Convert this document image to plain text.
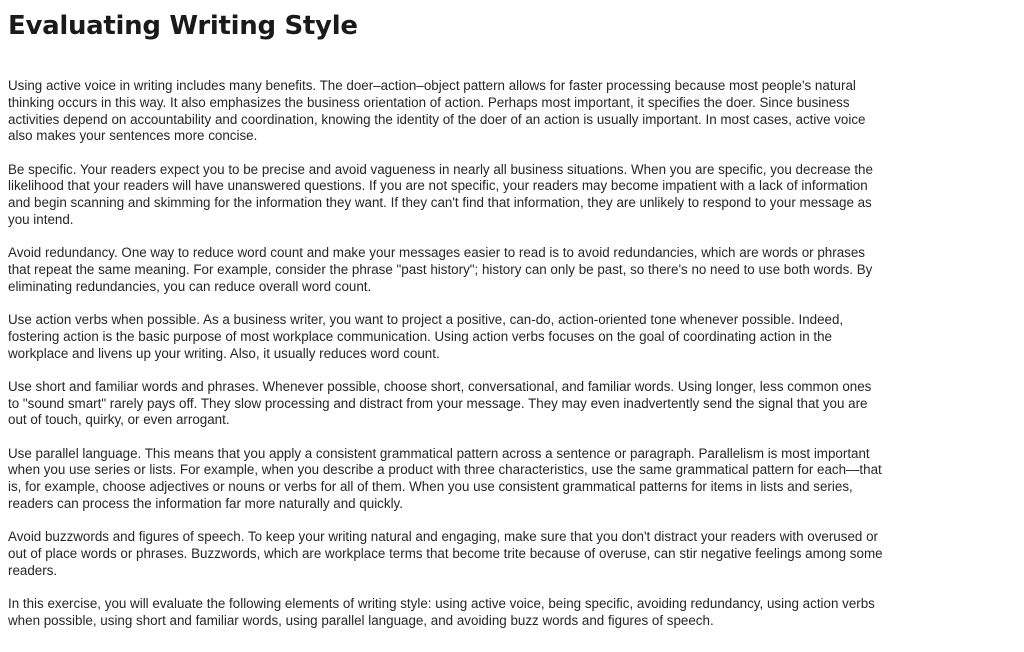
Evaluating Writing Style

Using active voice in writing includes many benefits. The doer–action–object pattern allows for faster processing because most people's natural thinking occurs in this way. It also emphasizes the business orientation of action. Perhaps most important, it specifies the doer. Since business activities depend on accountability and coordination, knowing the identity of the doer of an action is usually important. In most cases, active voice also makes your sentences more concise.

Be specific. Your readers expect you to be precise and avoid vagueness in nearly all business situations. When you are specific, you decrease the likelihood that your readers will have unanswered questions. If you are not specific, your readers may become impatient with a lack of information and begin scanning and skimming for the information they want. If they can't find that information, they are unlikely to respond to your message as you intend.

Avoid redundancy. One way to reduce word count and make your messages easier to read is to avoid redundancies, which are words or phrases that repeat the same meaning. For example, consider the phrase "past history"; history can only be past, so there's no need to use both words. By eliminating redundancies, you can reduce overall word count.

Use action verbs when possible. As a business writer, you want to project a positive, can-do, action-oriented tone whenever possible. Indeed, fostering action is the basic purpose of most workplace communication. Using action verbs focuses on the goal of coordinating action in the workplace and livens up your writing. Also, it usually reduces word count.

Use short and familiar words and phrases. Whenever possible, choose short, conversational, and familiar words. Using longer, less common ones to "sound smart" rarely pays off. They slow processing and distract from your message. They may even inadvertently send the signal that you are out of touch, quirky, or even arrogant.

Use parallel language. This means that you apply a consistent grammatical pattern across a sentence or paragraph. Parallelism is most important when you use series or lists. For example, when you describe a product with three characteristics, use the same grammatical pattern for each—that is, for example, choose adjectives or nouns or verbs for all of them. When you use consistent grammatical patterns for items in lists and series, readers can process the information far more naturally and quickly.

Avoid buzzwords and figures of speech. To keep your writing natural and engaging, make sure that you don't distract your readers with overused or out of place words or phrases. Buzzwords, which are workplace terms that become trite because of overuse, can stir negative feelings among some readers.

In this exercise, you will evaluate the following elements of writing style: using active voice, being specific, avoiding redundancy, using action verbs when possible, using short and familiar words, using parallel language, and avoiding buzz words and figures of speech.
